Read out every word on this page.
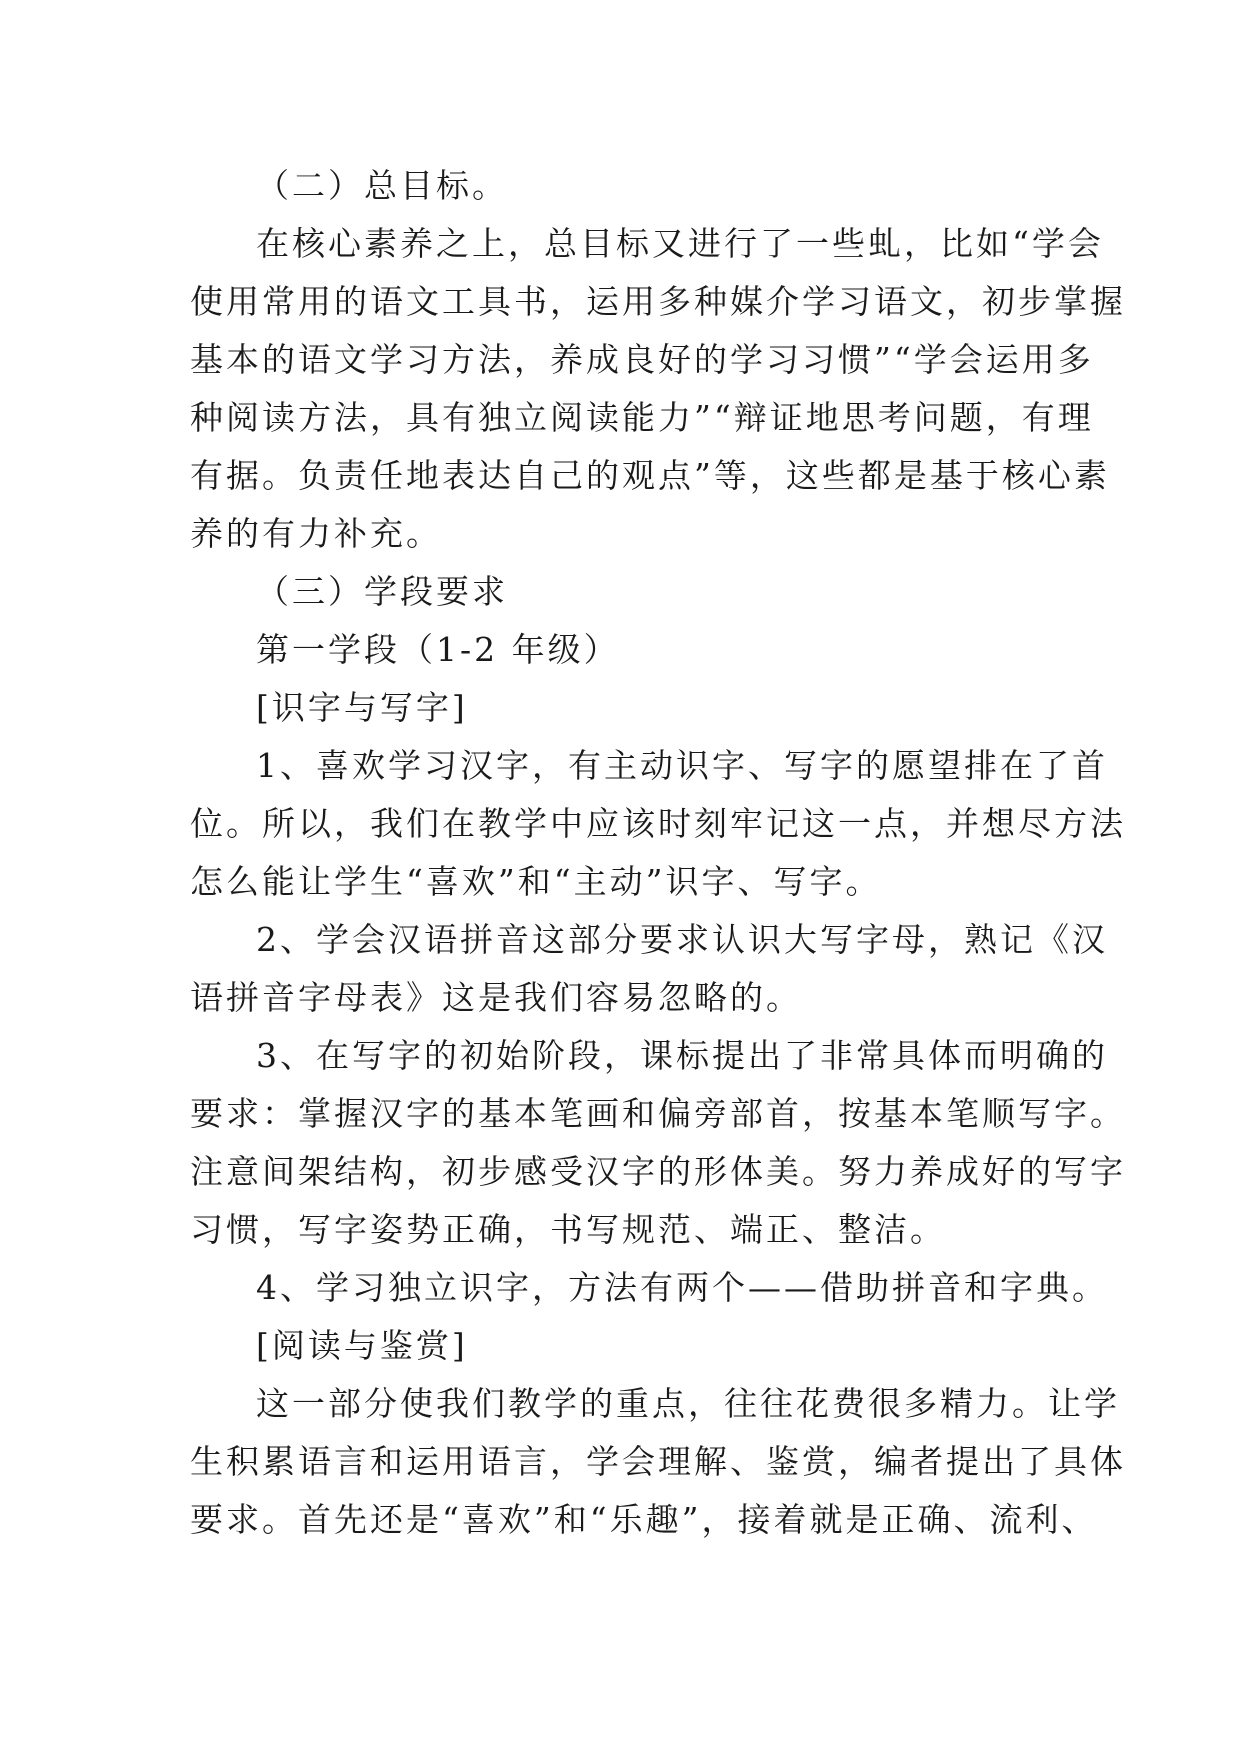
（二）总目标。
在核心素养之上，总目标又进行了一些虬，比如“学会
使用常用的语文工具书，运用多种媒介学习语文，初步掌握
基本的语文学习方法，养成良好的学习习惯”“学会运用多
种阅读方法，具有独立阅读能力”“辩证地思考问题，有理
有据。负责任地表达自己的观点”等，这些都是基于核心素
养的有力补充。
（三）学段要求
第一学段（1-2 年级）
[识字与写字]
1、喜欢学习汉字，有主动识字、写字的愿望排在了首
位。所以，我们在教学中应该时刻牢记这一点，并想尽方法
怎么能让学生“喜欢”和“主动”识字、写字。
2、学会汉语拼音这部分要求认识大写字母，熟记《汉
语拼音字母表》这是我们容易忽略的。
3、在写字的初始阶段，课标提出了非常具体而明确的
要求：掌握汉字的基本笔画和偏旁部首，按基本笔顺写字。
注意间架结构，初步感受汉字的形体美。努力养成好的写字
习惯，写字姿势正确，书写规范、端正、整洁。
4、学习独立识字，方法有两个——借助拼音和字典。
[阅读与鉴赏]
这一部分使我们教学的重点，往往花费很多精力。让学
生积累语言和运用语言，学会理解、鉴赏，编者提出了具体
要求。首先还是“喜欢”和“乐趣”，接着就是正确、流利、
